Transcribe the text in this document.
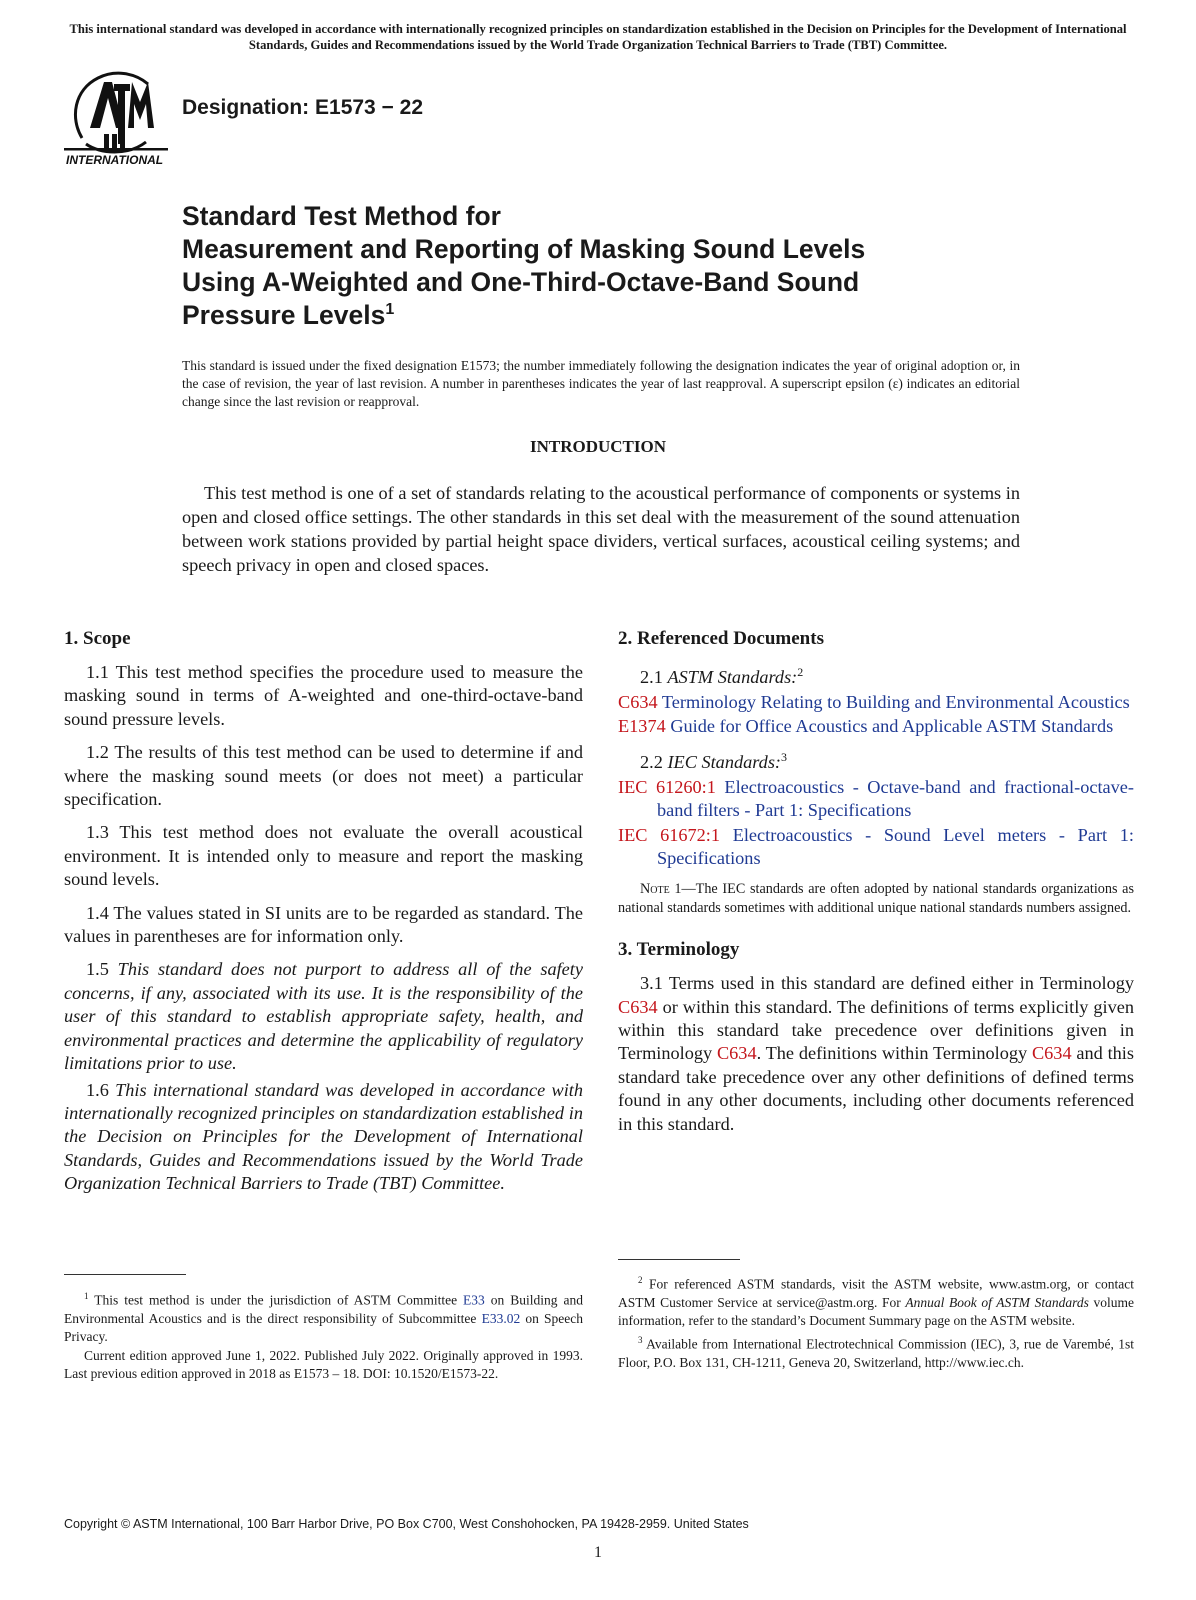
This international standard was developed in accordance with internationally recognized principles on standardization established in the Decision on Principles for the Development of International Standards, Guides and Recommendations issued by the World Trade Organization Technical Barriers to Trade (TBT) Committee.
INTERNATIONAL
Designation: E1573 − 22
Standard Test Method for
Measurement and Reporting of Masking Sound Levels
Using A-Weighted and One-Third-Octave-Band Sound
Pressure Levels$^1$
This standard is issued under the fixed designation E1573; the number immediately following the designation indicates the year of original adoption or, in the case of revision, the year of last revision. A number in parentheses indicates the year of last reapproval. A superscript epsilon (ε) indicates an editorial change since the last revision or reapproval.
INTRODUCTION

This test method is one of a set of standards relating to the acoustical performance of components or systems in open and closed office settings. The other standards in this set deal with the measurement of the sound attenuation between work stations provided by partial height space dividers, vertical surfaces, acoustical ceiling systems; and speech privacy in open and closed spaces.

1. Scope

1.1 This test method specifies the procedure used to measure the masking sound in terms of A-weighted and one-third-octave-band sound pressure levels.

1.2 The results of this test method can be used to determine if and where the masking sound meets (or does not meet) a particular specification.

1.3 This test method does not evaluate the overall acoustical environment. It is intended only to measure and report the masking sound levels.

1.4 The values stated in SI units are to be regarded as standard. The values in parentheses are for information only.

1.5 This standard does not purport to address all of the safety concerns, if any, associated with its use. It is the responsibility of the user of this standard to establish appropriate safety, health, and environmental practices and determine the applicability of regulatory limitations prior to use.

1.6 This international standard was developed in accordance with internationally recognized principles on standardization established in the Decision on Principles for the Development of International Standards, Guides and Recommendations issued by the World Trade Organization Technical Barriers to Trade (TBT) Committee.

2. Referenced Documents
2.1 ASTM Standards:$^2$
C634 Terminology Relating to Building and Environmental Acoustics
E1374 Guide for Office Acoustics and Applicable ASTM Standards
2.2 IEC Standards:$^3$
IEC 61260:1 Electroacoustics - Octave-band and fractional-octave-band filters - Part 1: Specifications
IEC 61672:1 Electroacoustics - Sound Level meters - Part 1: Specifications

Note 1—The IEC standards are often adopted by national standards organizations as national standards sometimes with additional unique national standards numbers assigned.

3. Terminology

3.1 Terms used in this standard are defined either in Terminology C634 or within this standard. The definitions of terms explicitly given within this standard take precedence over definitions given in Terminology C634. The definitions within Terminology C634 and this standard take precedence over any other definitions of defined terms found in any other documents, including other documents referenced in this standard.

$^1$ This test method is under the jurisdiction of ASTM Committee E33 on Building and Environmental Acoustics and is the direct responsibility of Subcommittee E33.02 on Speech Privacy.

Current edition approved June 1, 2022. Published July 2022. Originally approved in 1993. Last previous edition approved in 2018 as E1573 – 18. DOI: 10.1520/E1573-22.

$^2$ For referenced ASTM standards, visit the ASTM website, www.astm.org, or contact ASTM Customer Service at service@astm.org. For Annual Book of ASTM Standards volume information, refer to the standard’s Document Summary page on the ASTM website.

$^3$ Available from International Electrotechnical Commission (IEC), 3, rue de Varembé, 1st Floor, P.O. Box 131, CH-1211, Geneva 20, Switzerland, http://www.iec.ch.

Copyright © ASTM International, 100 Barr Harbor Drive, PO Box C700, West Conshohocken, PA 19428-2959. United States
1
